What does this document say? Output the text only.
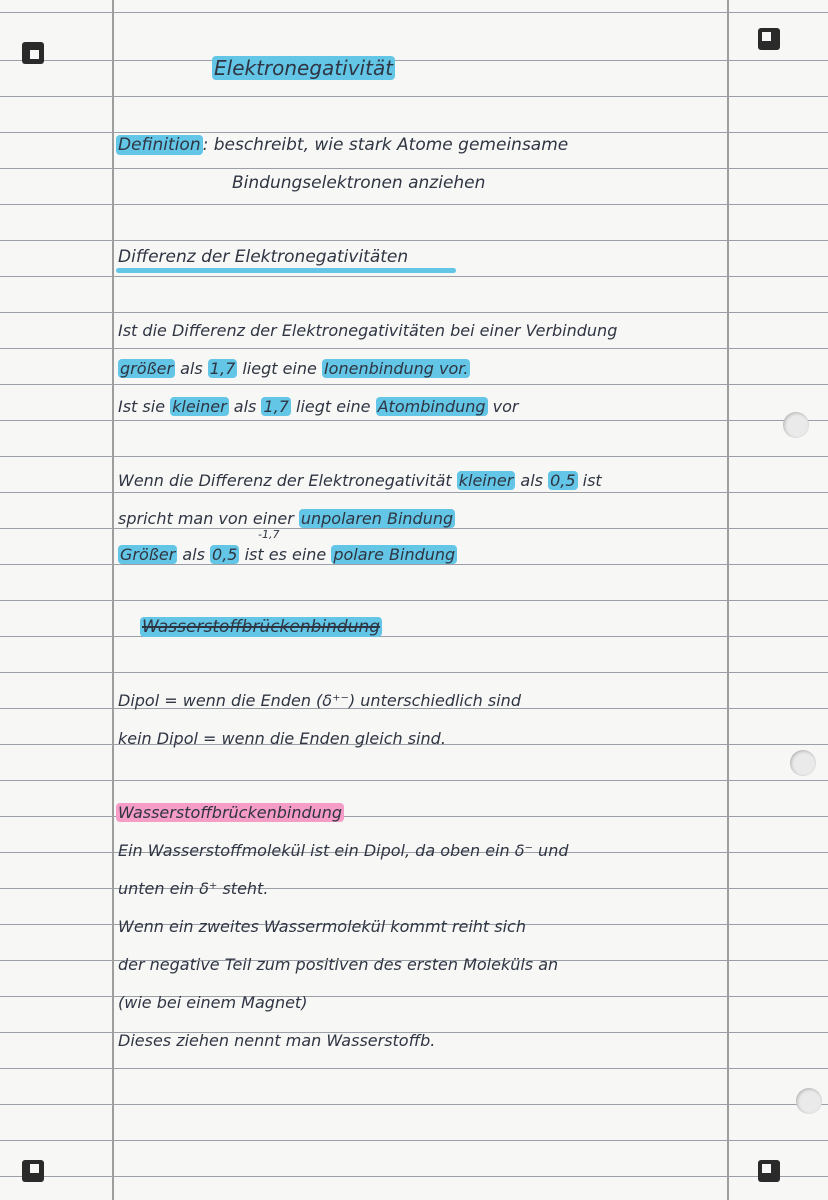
Elektronegativität
Definition : beschreibt, wie stark Atome gemeinsame
Bindungselektronen anziehen
Differenz der Elektronegativitäten
Ist die Differenz der Elektronegativitäten bei einer Verbindung
größer als 1,7 liegt eine Ionenbindung vor.
Ist sie kleiner als 1,7 liegt eine Atombindung vor
Wenn die Differenz der Elektronegativität kleiner als 0,5 ist
spricht man von einer unpolaren Bindung
-1,7
Größer als 0,5 ist es eine polare Bindung
Wasserstoffbrückenbindung
Dipol = wenn die Enden (δ⁺⁻) unterschiedlich sind
kein Dipol = wenn die Enden gleich sind.
Wasserstoffbrückenbindung
Ein Wasserstoffmolekül ist ein Dipol, da oben ein δ⁻ und
unten ein δ⁺ steht.
Wenn ein zweites Wassermolekül kommt reiht sich
der negative Teil zum positiven des ersten Moleküls an
(wie bei einem Magnet)
Dieses ziehen nennt man Wasserstoffb.
